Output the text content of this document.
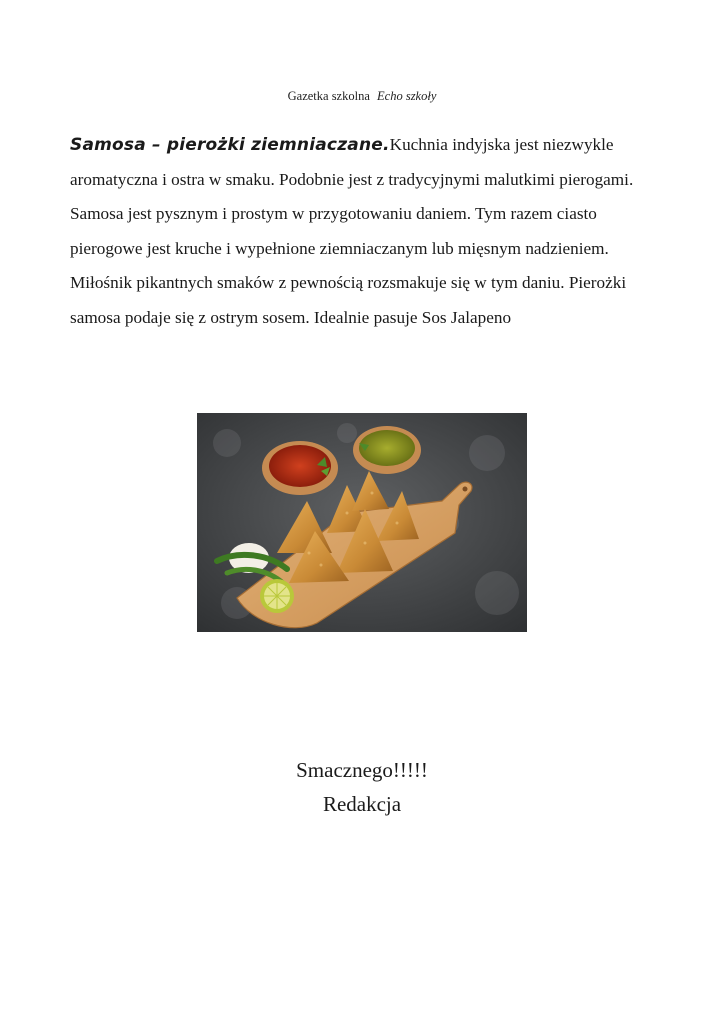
Gazetka szkolna Echo szkoły
Samosa – pierożki ziemniaczane.Kuchnia indyjska jest niezwykle aromatyczna i ostra w smaku. Podobnie jest z tradycyjnymi malutkimi pierogami. Samosa jest pysznym i prostym w przygotowaniu daniem. Tym razem ciasto pierogowe jest kruche i wypełnione ziemniaczanym lub mięsnym nadzieniem. Miłośnik pikantnych smaków z pewnością rozsmakuje się w tym daniu. Pierożki samosa podaje się z ostrym sosem. Idealnie pasuje Sos Jalapeno
Smacznego!!!!!
Redakcja
